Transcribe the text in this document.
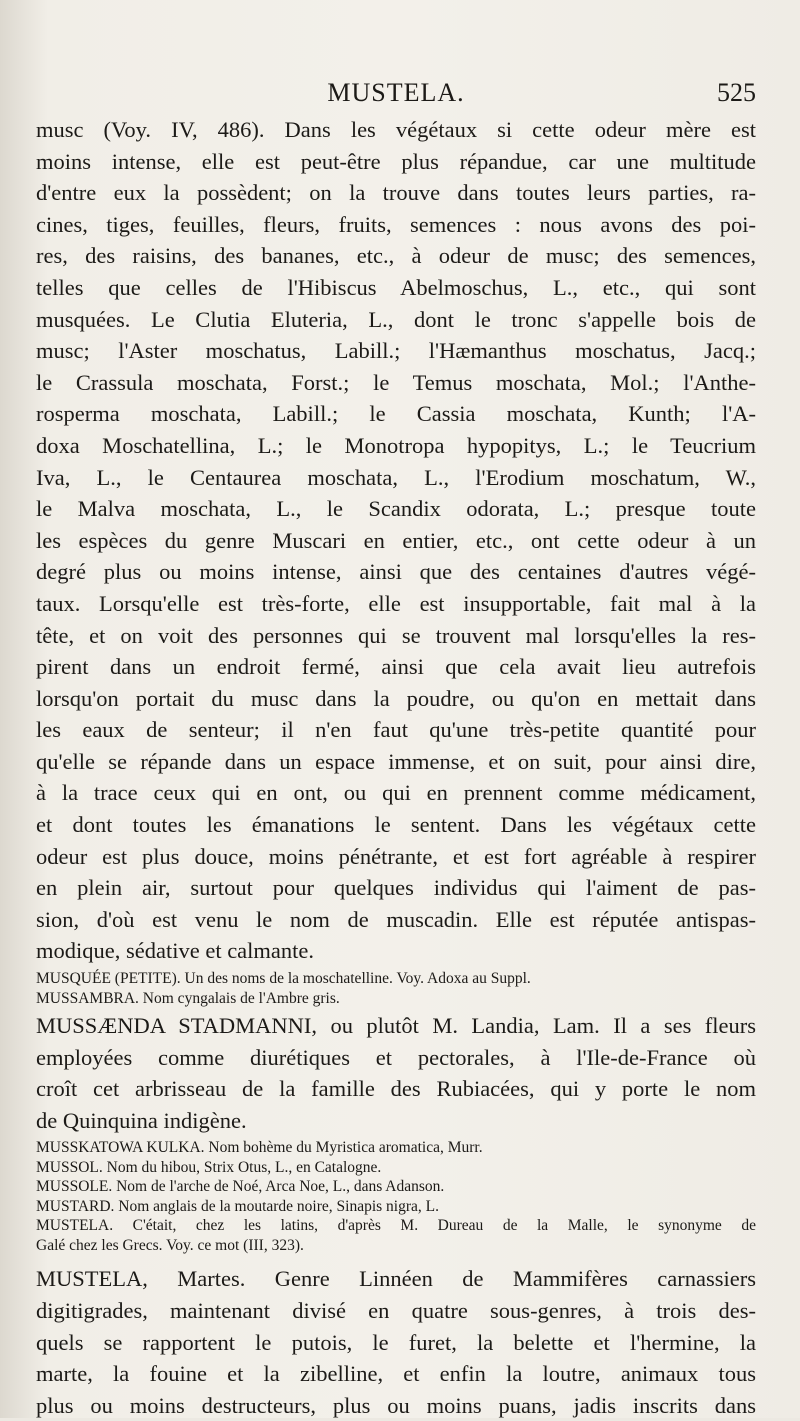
MUSTELA.	525
musc (Voy. IV, 486). Dans les végétaux si cette odeur mère est
moins intense, elle est peut-être plus répandue, car une multitude
d'entre eux la possèdent; on la trouve dans toutes leurs parties, ra-
cines, tiges, feuilles, fleurs, fruits, semences : nous avons des poi-
res, des raisins, des bananes, etc., à odeur de musc; des semences,
telles que celles de l'Hibiscus Abelmoschus, L., etc., qui sont
musquées. Le Clutia Eluteria, L., dont le tronc s'appelle bois de
musc; l'Aster moschatus, Labill.; l'Hæmanthus moschatus, Jacq.;
le Crassula moschata, Forst.; le Temus moschata, Mol.; l'Anthe-
rosperma moschata, Labill.; le Cassia moschata, Kunth; l'A-
doxa Moschatellina, L.; le Monotropa hypopitys, L.; le Teucrium
Iva, L., le Centaurea moschata, L., l'Erodium moschatum, W.,
le Malva moschata, L., le Scandix odorata, L.; presque toute
les espèces du genre Muscari en entier, etc., ont cette odeur à un
degré plus ou moins intense, ainsi que des centaines d'autres végé-
taux. Lorsqu'elle est très-forte, elle est insupportable, fait mal à la
tête, et on voit des personnes qui se trouvent mal lorsqu'elles la res-
pirent dans un endroit fermé, ainsi que cela avait lieu autrefois
lorsqu'on portait du musc dans la poudre, ou qu'on en mettait dans
les eaux de senteur; il n'en faut qu'une très-petite quantité pour
qu'elle se répande dans un espace immense, et on suit, pour ainsi dire,
à la trace ceux qui en ont, ou qui en prennent comme médicament,
et dont toutes les émanations le sentent. Dans les végétaux cette
odeur est plus douce, moins pénétrante, et est fort agréable à respirer
en plein air, surtout pour quelques individus qui l'aiment de pas-
sion, d'où est venu le nom de muscadin. Elle est réputée antispas-
modique, sédative et calmante.
MUSQUÉE (PETITE). Un des noms de la moschatelline. Voy. Adoxa au Suppl.
MUSSAMBRA. Nom cyngalais de l'Ambre gris.
MUSSÆNDA STADMANNI, ou plutôt M. Landia, Lam. Il a ses fleurs
employées comme diurétiques et pectorales, à l'Ile-de-France où
croît cet arbrisseau de la famille des Rubiacées, qui y porte le nom
de Quinquina indigène.
MUSSKATOWA KULKA. Nom bohème du Myristica aromatica, Murr.
MUSSOL. Nom du hibou, Strix Otus, L., en Catalogne.
MUSSOLE. Nom de l'arche de Noé, Arca Noe, L., dans Adanson.
MUSTARD. Nom anglais de la moutarde noire, Sinapis nigra, L.
MUSTELA. C'était, chez les latins, d'après M. Dureau de la Malle, le synonyme de
Galé chez les Grecs. Voy. ce mot (III, 323).
MUSTELA, Martes. Genre Linnéen de Mammifères carnassiers
digitigrades, maintenant divisé en quatre sous-genres, à trois des-
quels se rapportent le putois, le furet, la belette et l'hermine, la
marte, la fouine et la zibelline, et enfin la loutre, animaux tous
plus ou moins destructeurs, plus ou moins puans, jadis inscrits dans
